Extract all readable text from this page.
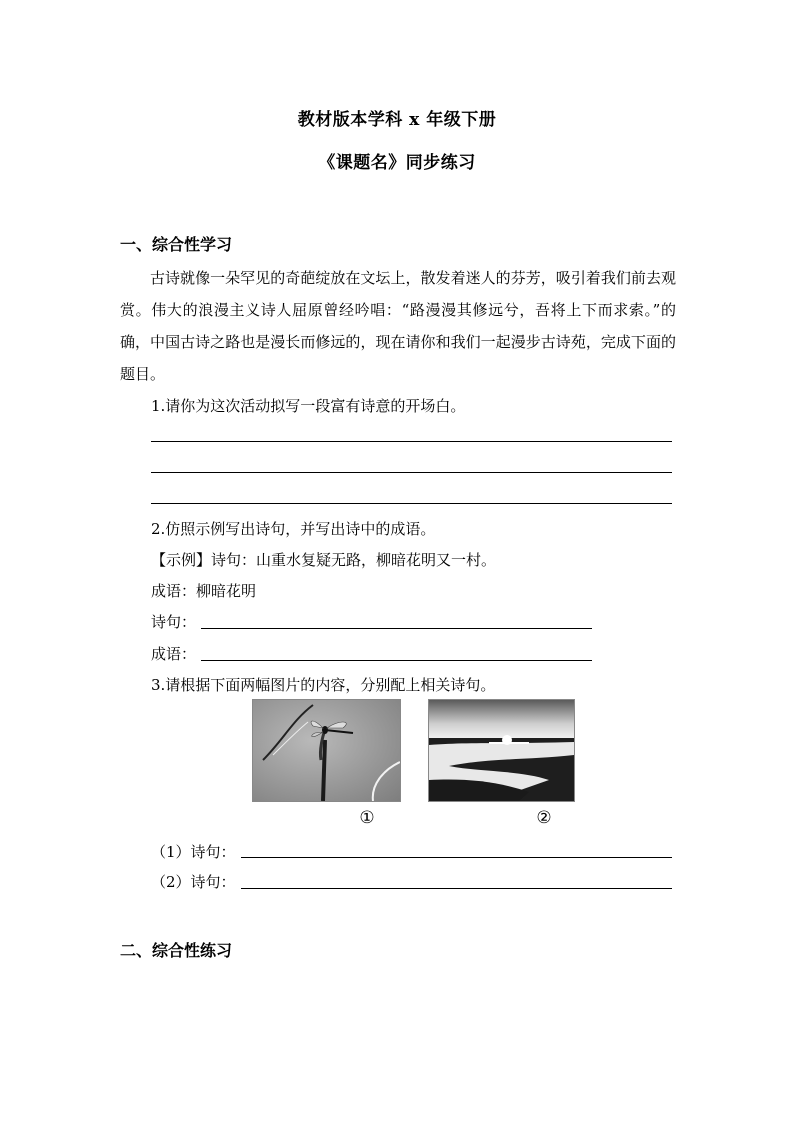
教材版本学科 x 年级下册
《课题名》同步练习
一、综合性学习
古诗就像一朵罕见的奇葩绽放在文坛上，散发着迷人的芬芳，吸引着我们前去观赏。伟大的浪漫主义诗人屈原曾经吟唱：“路漫漫其修远兮，吾将上下而求索。”的确，中国古诗之路也是漫长而修远的，现在请你和我们一起漫步古诗苑，完成下面的题目。
1.请你为这次活动拟写一段富有诗意的开场白。
2.仿照示例写出诗句，并写出诗中的成语。
【示例】诗句：山重水复疑无路，柳暗花明又一村。
成语：柳暗花明
诗句：
成语：
3.请根据下面两幅图片的内容，分别配上相关诗句。
①	②
（1）诗句：
（2）诗句：
二、综合性练习
